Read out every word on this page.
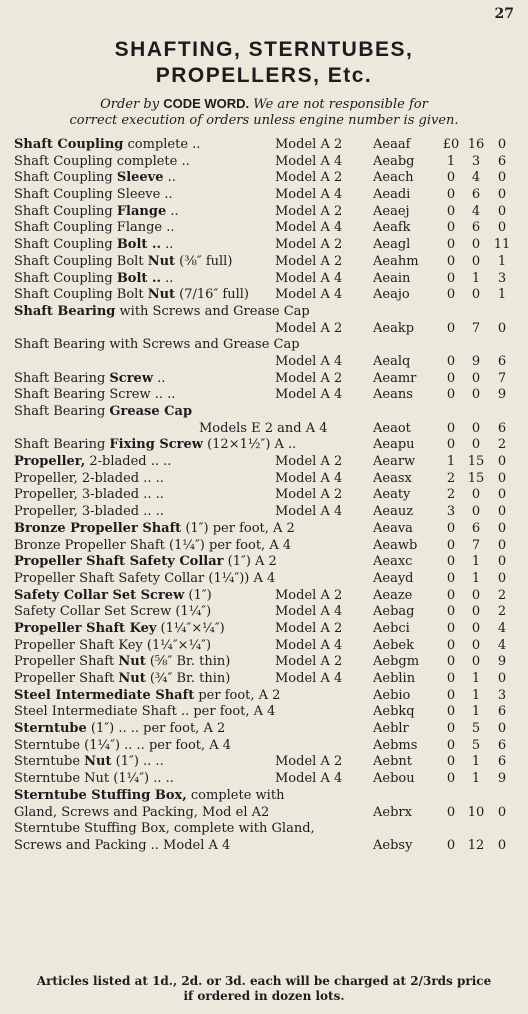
27
SHAFTING, STERNTUBES,
PROPELLERS, Etc.
Order by CODE WORD. We are not responsible for
correct execution of orders unless engine number is given.
Shaft Coupling complete ..	Model A 2 Aeaaf	£0 16	0
Shaft Coupling complete ..	Model A 4 Aeabg	1	3	6
Shaft Coupling Sleeve ..	Model A 2 Aeach	0	4	0
Shaft Coupling Sleeve ..	Model A 4 Aeadi	0	6	0
Shaft Coupling Flange ..	Model A 2 Aeaej	0	4	0
Shaft Coupling Flange ..	Model A 4 Aeafk	0	6	0
Shaft Coupling Bolt .. ..	Model A 2 Aeagl	0	0	11
Shaft Coupling Bolt Nut (⅜″ full)	Model A 2 Aeahm	0	0	1
Shaft Coupling Bolt .. ..	Model A 4 Aeain	0	1	3
Shaft Coupling Bolt Nut (7/16″ full) Model A 4 Aeajo	0	0	1
Shaft Bearing with Screws and Grease Cap
Model A 2 Aeakp	0	7	0
Shaft Bearing with Screws and Grease Cap
Model A 4 Aealq	0	9	6
Shaft Bearing Screw ..	Model A 2 Aeamr	0	0	7
Shaft Bearing Screw .. ..	Model A 4 Aeans	0	0	9
Shaft Bearing Grease Cap
Models E 2 and A 4	Aeaot	0	0	6
Shaft Bearing Fixing Screw (12×1½″) A ..	Aeapu	0	0	2
Propeller, 2-bladed .. ..	Model A 2 Aearw	1 15	0
Propeller, 2-bladed .. ..	Model A 4 Aeasx	2 15	0
Propeller, 3-bladed .. ..	Model A 2 Aeaty	2	0	0
Propeller, 3-bladed .. ..	Model A 4 Aeauz	3	0	0
Bronze Propeller Shaft (1″) per foot, A 2	Aeava	0	6	0
Bronze Propeller Shaft (1¼″) per foot, A 4	Aeawb	0	7	0
Propeller Shaft Safety Collar (1″) A 2	Aeaxc	0	1	0
Propeller Shaft Safety Collar (1¼″)) A 4	Aeayd	0	1	0
Safety Collar Set Screw (1″)	Model A 2 Aeaze	0	0	2
Safety Collar Set Screw (1¼″)	Model A 4 Aebag	0	0	2
Propeller Shaft Key (1¼″×¼″)	Model A 2 Aebci	0	0	4
Propeller Shaft Key (1¼″×¼″)	Model A 4 Aebek	0	0	4
Propeller Shaft Nut (⅝″ Br. thin)	Model A 2 Aebgm	0	0	9
Propeller Shaft Nut (¾″ Br. thin)	Model A 4 Aeblin	0	1	0
Steel Intermediate Shaft per foot, A 2	Aebio	0	1	3
Steel Intermediate Shaft .. per foot, A 4	Aebkq	0	1	6
Sterntube (1″) .. .. per foot, A 2	Aeblr	0	5	0
Sterntube (1¼″) .. .. per foot, A 4	Aebms	0	5	6
Sterntube Nut (1″) .. ..	Model A 2 Aebnt	0	1	6
Sterntube Nut (1¼″) .. ..	Model A 4 Aebou	0	1	9
Sterntube Stuffing Box, complete with
Gland, Screws and Packing, Mod el A2	Aebrx	0 10	0
Sterntube Stuffing Box, complete with Gland,
Screws and Packing .. Model A 4	Aebsy	0 12	0
Articles listed at 1d., 2d. or 3d. each will be charged at 2/3rds price
if ordered in dozen lots.
